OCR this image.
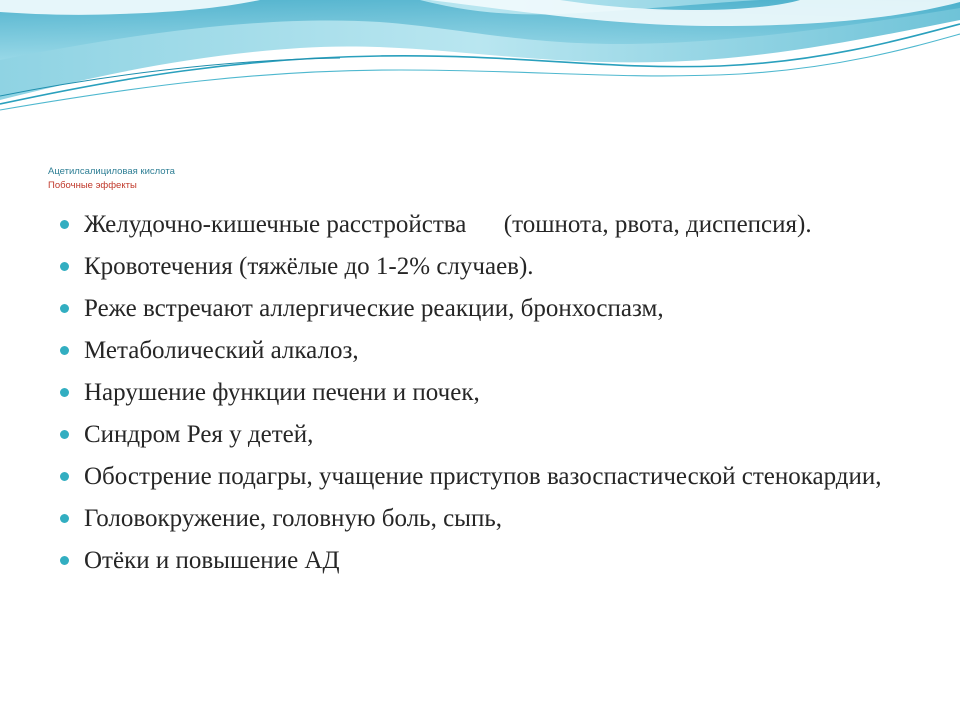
Ацетилсалициловая кислота
Побочные эффекты
Желудочно-кишечные расстройства      (тошнота, рвота, диспепсия).
Кровотечения (тяжёлые до 1-2% случаев).
Реже встречают аллергические реакции, бронхоспазм,
Метаболический алкалоз,
Нарушение функции печени и почек,
Синдром Рея у детей,
Обострение подагры, учащение приступов вазоспастической стенокардии,
Головокружение, головную боль, сыпь,
Отёки и повышение АД
